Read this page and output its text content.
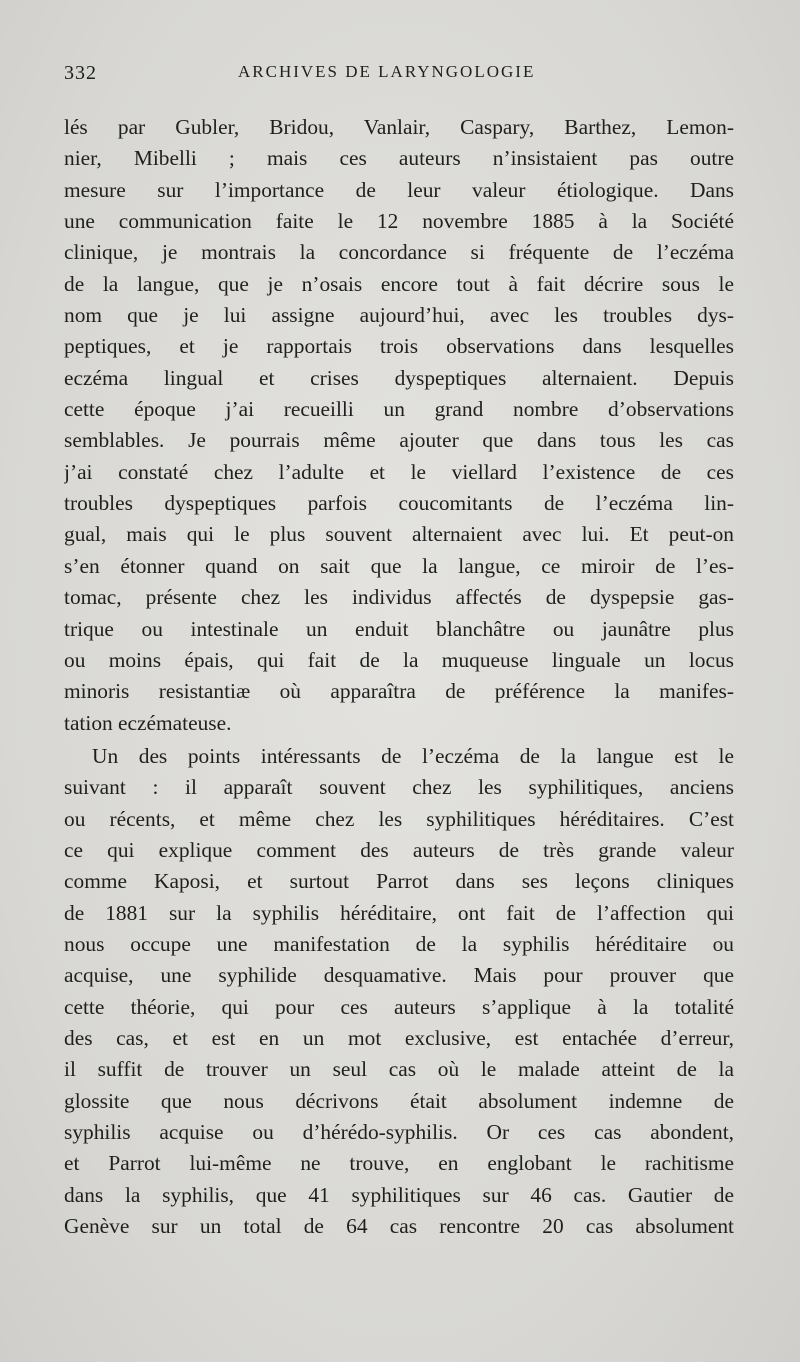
332	ARCHIVES DE LARYNGOLOGIE
lés par Gubler, Bridou, Vanlair, Caspary, Barthez, Lemon-
nier, Mibelli ; mais ces auteurs n’insistaient pas outre
mesure sur l’importance de leur valeur étiologique. Dans
une communication faite le 12 novembre 1885 à la Société
clinique, je montrais la concordance si fréquente de l’eczéma
de la langue, que je n’osais encore tout à fait décrire sous le
nom que je lui assigne aujourd’hui, avec les troubles dys-
peptiques, et je rapportais trois observations dans lesquelles
eczéma lingual et crises dyspeptiques alternaient. Depuis
cette époque j’ai recueilli un grand nombre d’observations
semblables. Je pourrais même ajouter que dans tous les cas
j’ai constaté chez l’adulte et le viellard l’existence de ces
troubles dyspeptiques parfois coucomitants de l’eczéma lin-
gual, mais qui le plus souvent alternaient avec lui. Et peut-on
s’en étonner quand on sait que la langue, ce miroir de l’es-
tomac, présente chez les individus affectés de dyspepsie gas-
trique ou intestinale un enduit blanchâtre ou jaunâtre plus
ou moins épais, qui fait de la muqueuse linguale un locus
minoris resistantiæ où apparaîtra de préférence la manifes-
tation eczémateuse.
Un des points intéressants de l’eczéma de la langue est le
suivant : il apparaît souvent chez les syphilitiques, anciens
ou récents, et même chez les syphilitiques héréditaires. C’est
ce qui explique comment des auteurs de très grande valeur
comme Kaposi, et surtout Parrot dans ses leçons cliniques
de 1881 sur la syphilis héréditaire, ont fait de l’affection qui
nous occupe une manifestation de la syphilis héréditaire ou
acquise, une syphilide desquamative. Mais pour prouver que
cette théorie, qui pour ces auteurs s’applique à la totalité
des cas, et est en un mot exclusive, est entachée d’erreur,
il suffit de trouver un seul cas où le malade atteint de la
glossite que nous décrivons était absolument indemne de
syphilis acquise ou d’hérédo-syphilis. Or ces cas abondent,
et Parrot lui-même ne trouve, en englobant le rachitisme
dans la syphilis, que 41 syphilitiques sur 46 cas. Gautier de
Genève sur un total de 64 cas rencontre 20 cas absolument
